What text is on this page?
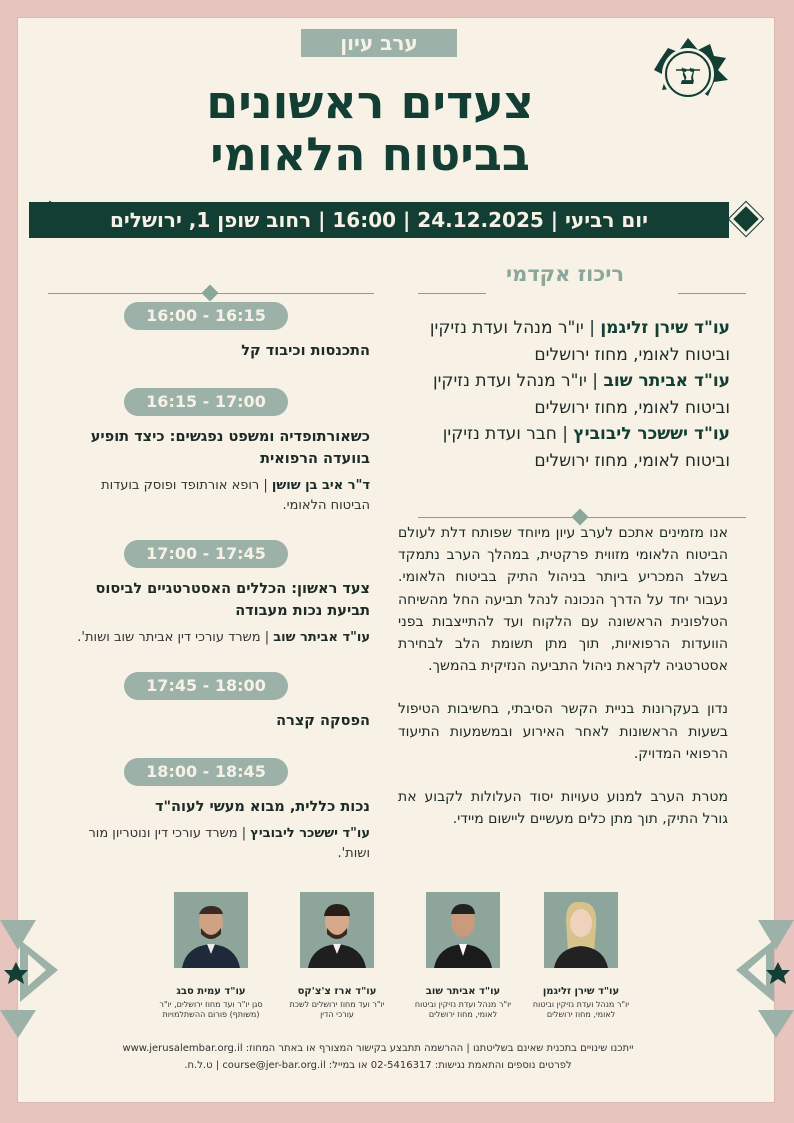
ע
ערב עיון
צעדים ראשונים
בביטוח הלאומי
יום רביעי | 24.12.2025 | 16:00 | רחוב שופן 1, ירושלים
ריכוז אקדמי
עו"ד שירן זליגמן | יו"ר מנהל ועדת נזיקין וביטוח לאומי, מחוז ירושלים
עו"ד אביתר שוב | יו"ר מנהל ועדת נזיקין וביטוח לאומי, מחוז ירושלים
עו"ד יששכר ליבוביץ | חבר ועדת נזיקין וביטוח לאומי, מחוז ירושלים

אנו מזמינים אתכם לערב עיון מיוחד שפותח דלת לעולם הביטוח הלאומי מזווית פרקטית, במהלך הערב נתמקד בשלב המכריע ביותר בניהול התיק בביטוח הלאומי. נעבור יחד על הדרך הנכונה לנהל תביעה החל מהשיחה הטלפונית הראשונה עם הלקוח ועד להתייצבות בפני הוועדות הרפואיות, תוך מתן תשומת הלב לבחירת אסטרטגיה לקראת ניהול התביעה הנזיקית בהמשך.

נדון בעקרונות בניית הקשר הסיבתי, בחשיבות הטיפול בשעות הראשונות לאחר האירוע ובמשמעות התיעוד הרפואי המדויק.

מטרת הערב למנוע טעויות יסוד העלולות לקבוע את גורל התיק, תוך מתן כלים מעשיים ליישום מיידי.

16:15 - 16:00
התכנסות וכיבוד קל
17:00 - 16:15
כשאורתופדיה ומשפט נפגשים: כיצד תופיע בוועדה הרפואית
ד"ר איב בן שושן | רופא אורתופד ופוסק בועדות הביטוח הלאומי.
17:45 - 17:00
צעד ראשון: הכללים האסטרטגיים לביסוס תביעת נכות מעבודה
עו"ד אביתר שוב | משרד עורכי דין אביתר שוב ושות'.
18:00 - 17:45
הפסקה קצרה
18:45 - 18:00
נכות כללית, מבוא מעשי לעוה"ד
עו"ד יששכר ליבוביץ | משרד עורכי דין ונוטריון מור ושות'.
עו"ד שירן זליגמן
יו"ר מנהל ועדת נזיקין וביטוח לאומי, מחוז ירושלים
עו"ד אביתר שוב
יו"ר מנהל ועדת נזיקין וביטוח לאומי, מחוז ירושלים
עו"ד ארז צ'צ'קס
יו"ר ועד מחוז ירושלים לשכת עורכי הדין
עו"ד עמית סבג
סגן יו"ר ועד מחוז ירושלים, יו"ר (משותף) פורום ההשתלמויות
ייתכנו שינויים בתכנית שאינם בשליטתנו | ההרשמה תתבצע בקישור המצורף או באתר המחוז: www.jerusalembar.org.il
לפרטים נוספים והתאמת נגישות: 02-5416317 או במייל: course@jer-bar.org.il | ט.ל.ח.
